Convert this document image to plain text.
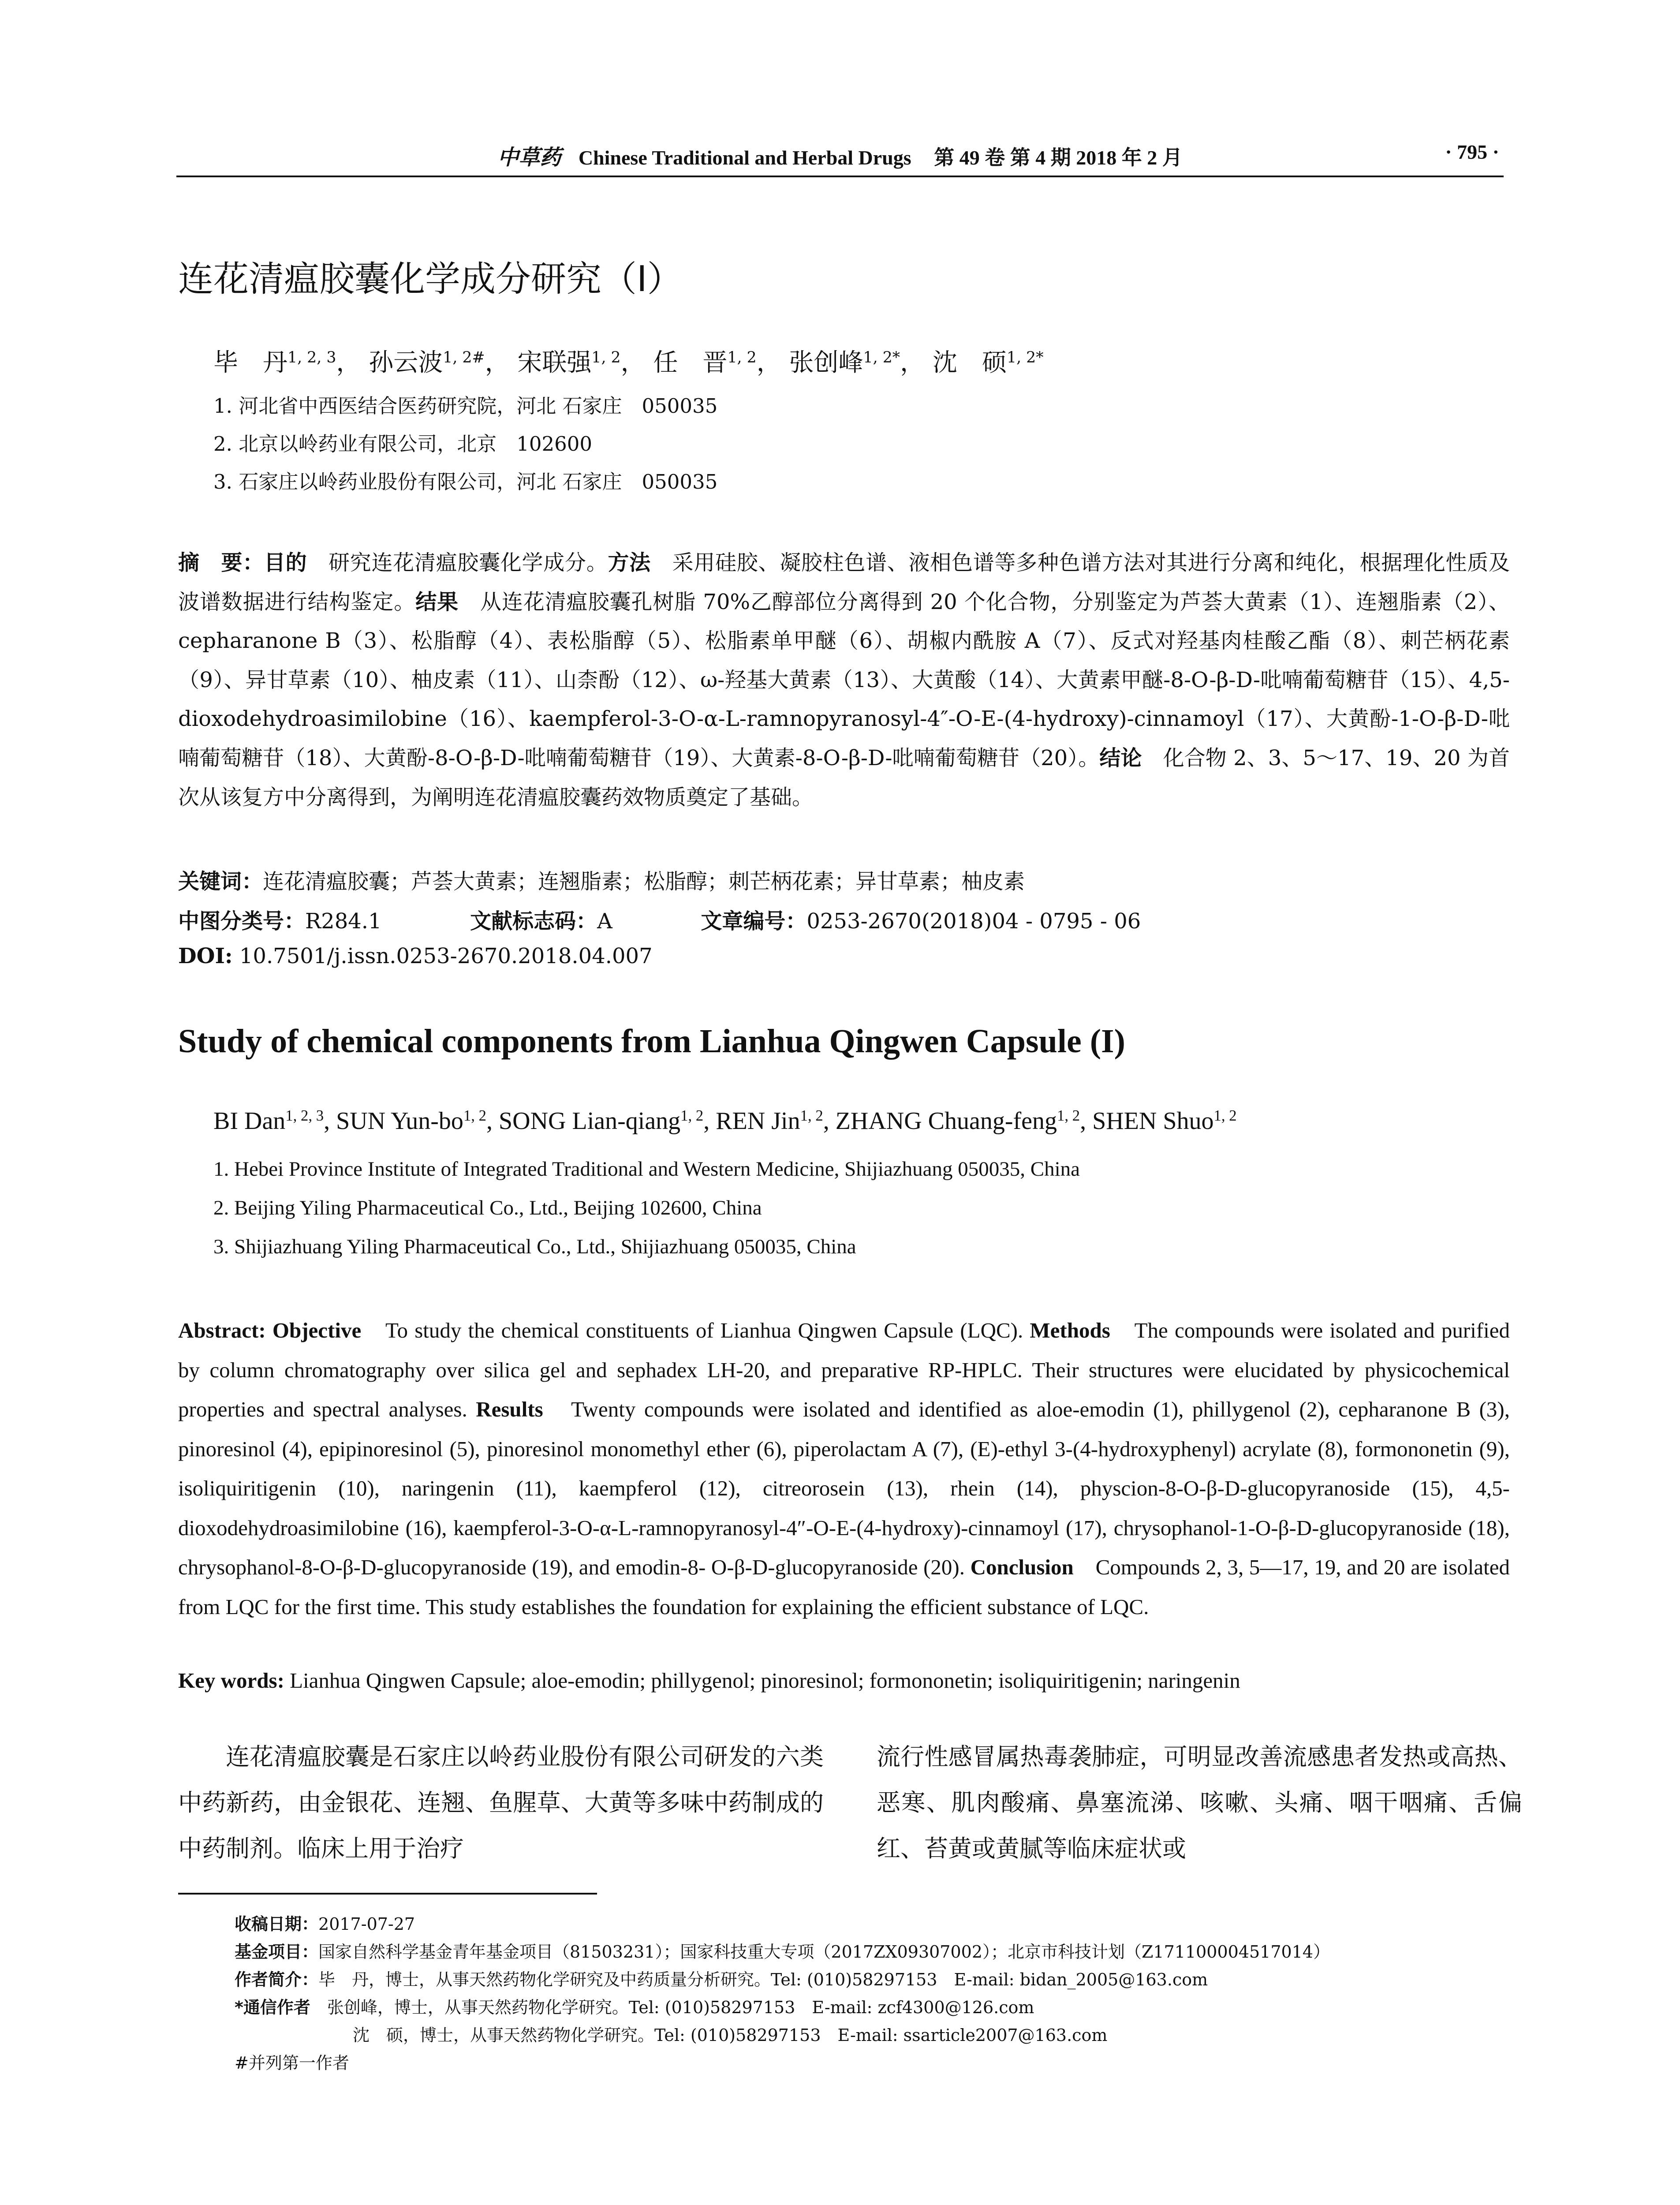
中草药 Chinese Traditional and Herbal Drugs 第 49 卷 第 4 期 2018 年 2 月	· 795 ·
连花清瘟胶囊化学成分研究（I）
毕　丹$^{1, 2, 3}$， 孙云波$^{1, 2\#}$， 宋联强$^{1, 2}$， 任　晋$^{1, 2}$， 张创峰$^{1, 2*}$， 沈　硕$^{1, 2*}$
1. 河北省中西医结合医药研究院，河北 石家庄　050035
2. 北京以岭药业有限公司，北京　102600
3. 石家庄以岭药业股份有限公司，河北 石家庄　050035
摘　要：目的　研究连花清瘟胶囊化学成分。方法　采用硅胶、凝胶柱色谱、液相色谱等多种色谱方法对其进行分离和纯化，根据理化性质及波谱数据进行结构鉴定。结果　从连花清瘟胶囊孔树脂 70%乙醇部位分离得到 20 个化合物，分别鉴定为芦荟大黄素（1）、连翘脂素（2）、cepharanone B（3）、松脂醇（4）、表松脂醇（5）、松脂素单甲醚（6）、胡椒内酰胺 A（7）、反式对羟基肉桂酸乙酯（8）、刺芒柄花素（9）、异甘草素（10）、柚皮素（11）、山柰酚（12）、ω-羟基大黄素（13）、大黄酸（14）、大黄素甲醚-8-O-β-D-吡喃葡萄糖苷（15）、4,5-dioxodehydroasimilobine（16）、kaempferol-3-O-α-L-ramnopyranosyl-4″-O-E-(4-hydroxy)-cinnamoyl（17）、大黄酚-1-O-β-D-吡喃葡萄糖苷（18）、大黄酚-8-O-β-D-吡喃葡萄糖苷（19）、大黄素-8-O-β-D-吡喃葡萄糖苷（20）。结论　化合物 2、3、5～17、19、20 为首次从该复方中分离得到，为阐明连花清瘟胶囊药效物质奠定了基础。
关键词：连花清瘟胶囊；芦荟大黄素；连翘脂素；松脂醇；刺芒柄花素；异甘草素；柚皮素
中图分类号：R284.1	文献标志码：A	文章编号：0253-2670(2018)04 - 0795 - 06
DOI: 10.7501/j.issn.0253-2670.2018.04.007
Study of chemical components from Lianhua Qingwen Capsule (I)
BI Dan$^{1, 2, 3}$, SUN Yun-bo$^{1, 2}$, SONG Lian-qiang$^{1, 2}$, REN Jin$^{1, 2}$, ZHANG Chuang-feng$^{1, 2}$, SHEN Shuo$^{1, 2}$
1. Hebei Province Institute of Integrated Traditional and Western Medicine, Shijiazhuang 050035, China
2. Beijing Yiling Pharmaceutical Co., Ltd., Beijing 102600, China
3. Shijiazhuang Yiling Pharmaceutical Co., Ltd., Shijiazhuang 050035, China
Abstract: Objective　To study the chemical constituents of Lianhua Qingwen Capsule (LQC). Methods　The compounds were isolated and purified by column chromatography over silica gel and sephadex LH-20, and preparative RP-HPLC. Their structures were elucidated by physicochemical properties and spectral analyses. Results　Twenty compounds were isolated and identified as aloe-emodin (1), phillygenol (2), cepharanone B (3), pinoresinol (4), epipinoresinol (5), pinoresinol monomethyl ether (6), piperolactam A (7), (E)-ethyl 3-(4-hydroxyphenyl) acrylate (8), formononetin (9), isoliquiritigenin (10), naringenin (11), kaempferol (12), citreorosein (13), rhein (14), physcion-8-O-β-D-glucopyranoside (15), 4,5-dioxodehydroasimilobine (16), kaempferol-3-O-α-L-ramnopyranosyl-4″-O-E-(4-hydroxy)-cinnamoyl (17), chrysophanol-1-O-β-D-glucopyranoside (18), chrysophanol-8-O-β-D-glucopyranoside (19), and emodin-8- O-β-D-glucopyranoside (20). Conclusion　Compounds 2, 3, 5—17, 19, and 20 are isolated from LQC for the first time. This study establishes the foundation for explaining the efficient substance of LQC.
Key words: Lianhua Qingwen Capsule; aloe-emodin; phillygenol; pinoresinol; formononetin; isoliquiritigenin; naringenin
连花清瘟胶囊是石家庄以岭药业股份有限公司研发的六类中药新药，由金银花、连翘、鱼腥草、大黄等多味中药制成的中药制剂。临床上用于治疗
流行性感冒属热毒袭肺症，可明显改善流感患者发热或高热、恶寒、肌肉酸痛、鼻塞流涕、咳嗽、头痛、咽干咽痛、舌偏红、苔黄或黄腻等临床症状或
收稿日期：2017-07-27
基金项目：国家自然科学基金青年基金项目（81503231）；国家科技重大专项（2017ZX09307002）；北京市科技计划（Z171100004517014）
作者简介：毕　丹，博士，从事天然药物化学研究及中药质量分析研究。Tel: (010)58297153　E-mail: bidan_2005@163.com
*通信作者　张创峰，博士，从事天然药物化学研究。Tel: (010)58297153　E-mail: zcf4300@126.com
沈　硕，博士，从事天然药物化学研究。Tel: (010)58297153　E-mail: ssarticle2007@163.com
#并列第一作者
